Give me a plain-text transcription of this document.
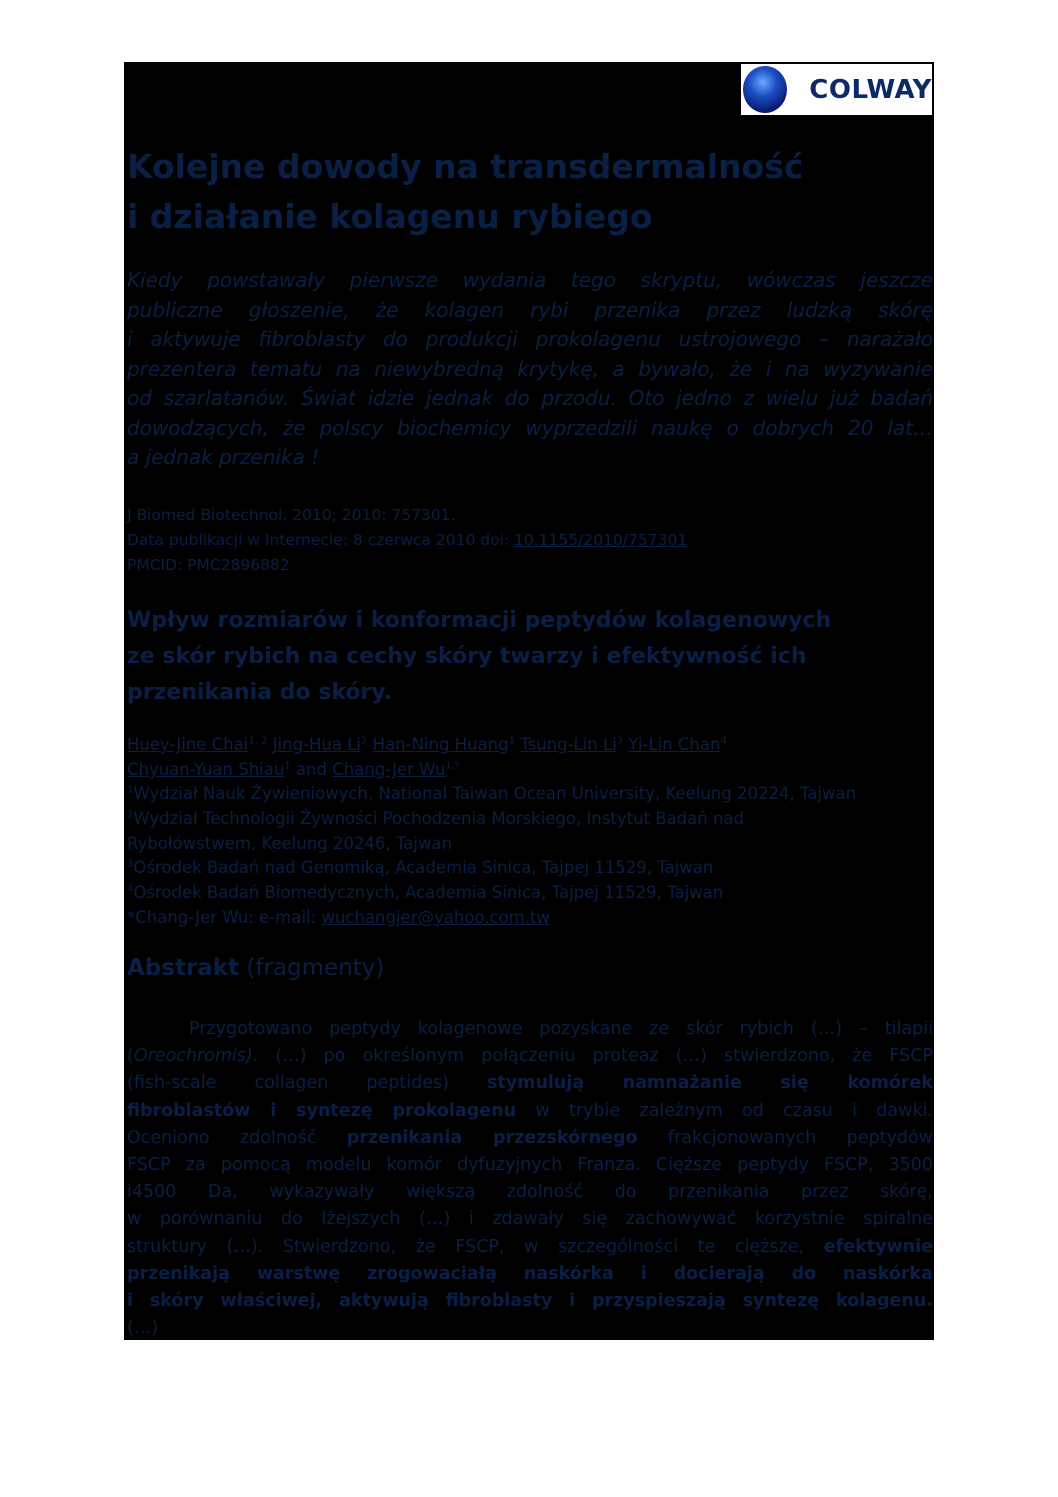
COLWAY
Kolejne dowody na transdermalność
i działanie kolagenu rybiego
Kiedy powstawały pierwsze wydania tego skryptu, wówczas jeszcze
publiczne głoszenie, że kolagen rybi przenika przez ludzką skórę
i aktywuje fibroblasty do produkcji prokolagenu ustrojowego – narażało
prezentera tematu na niewybredną krytykę, a bywało, że i na wyzywanie
od szarlatanów. Świat idzie jednak do przodu. Oto jedno z wielu już badań
dowodzących, że polscy biochemicy wyprzedzili naukę o dobrych 20 lat…
a jednak przenika !
J Biomed Biotechnol. 2010; 2010: 757301.
Data publikacji w Internecie: 8 czerwca 2010 doi: 10.1155/2010/757301
PMCID: PMC2896882
Wpływ rozmiarów i konformacji peptydów kolagenowych
ze skór rybich na cechy skóry twarzy i efektywność ich
przenikania do skóry.
Huey-Jine Chai$^{1, 2}$ Jing-Hua Li$^2$ Han-Ning Huang$^1$ Tsung-Lin Li$^3$ Yi-Lin Chan$^4$
Chyuan-Yuan Shiau$^1$ and Chang-Jer $Wu^{1,*}$
$^1$Wydział Nauk Żywieniowych, National Taiwan Ocean University, Keelung 20224, Tajwan
$^2$Wydział Technologii Żywności Pochodzenia Morskiego, Instytut Badań nad
Rybołówstwem, Keelung 20246, Tajwan
$^3$Ośrodek Badań nad Genomiką, Academia Sinica, Tajpej 11529, Tajwan
$^4$Ośrodek Badań Biomedycznych, Academia Sinica, Tajpej 11529, Tajwan
*Chang-Jer Wu: e-mail: wuchangjer@yahoo.com.tw
Abstrakt (fragmenty)
Przygotowano peptydy kolagenowe pozyskane ze skór rybich (…) – tilapii
(Oreochromis). (…) po określonym połączeniu proteaz (…) stwierdzono, że FSCP
(fish-scale collagen peptides) stymulują namnażanie się komórek
fibroblastów i syntezę prokolagenu w trybie zależnym od czasu i dawki.
Oceniono zdolność przenikania przezskórnego frakcjonowanych peptydów
FSCP za pomocą modelu komór dyfuzyjnych Franza. Cięższe peptydy FSCP, 3500
i4500 Da, wykazywały większą zdolność do przenikania przez skórę,
w porównaniu do lżejszych (…) i zdawały się zachowywać korzystnie spiralne
struktury (…). Stwierdzono, że FSCP, w szczególności te cięższe, efektywnie
przenikają warstwę zrogowaciałą naskórka i docierają do naskórka
i skóry właściwej, aktywują fibroblasty i przyspieszają syntezę kolagenu.
(…)
